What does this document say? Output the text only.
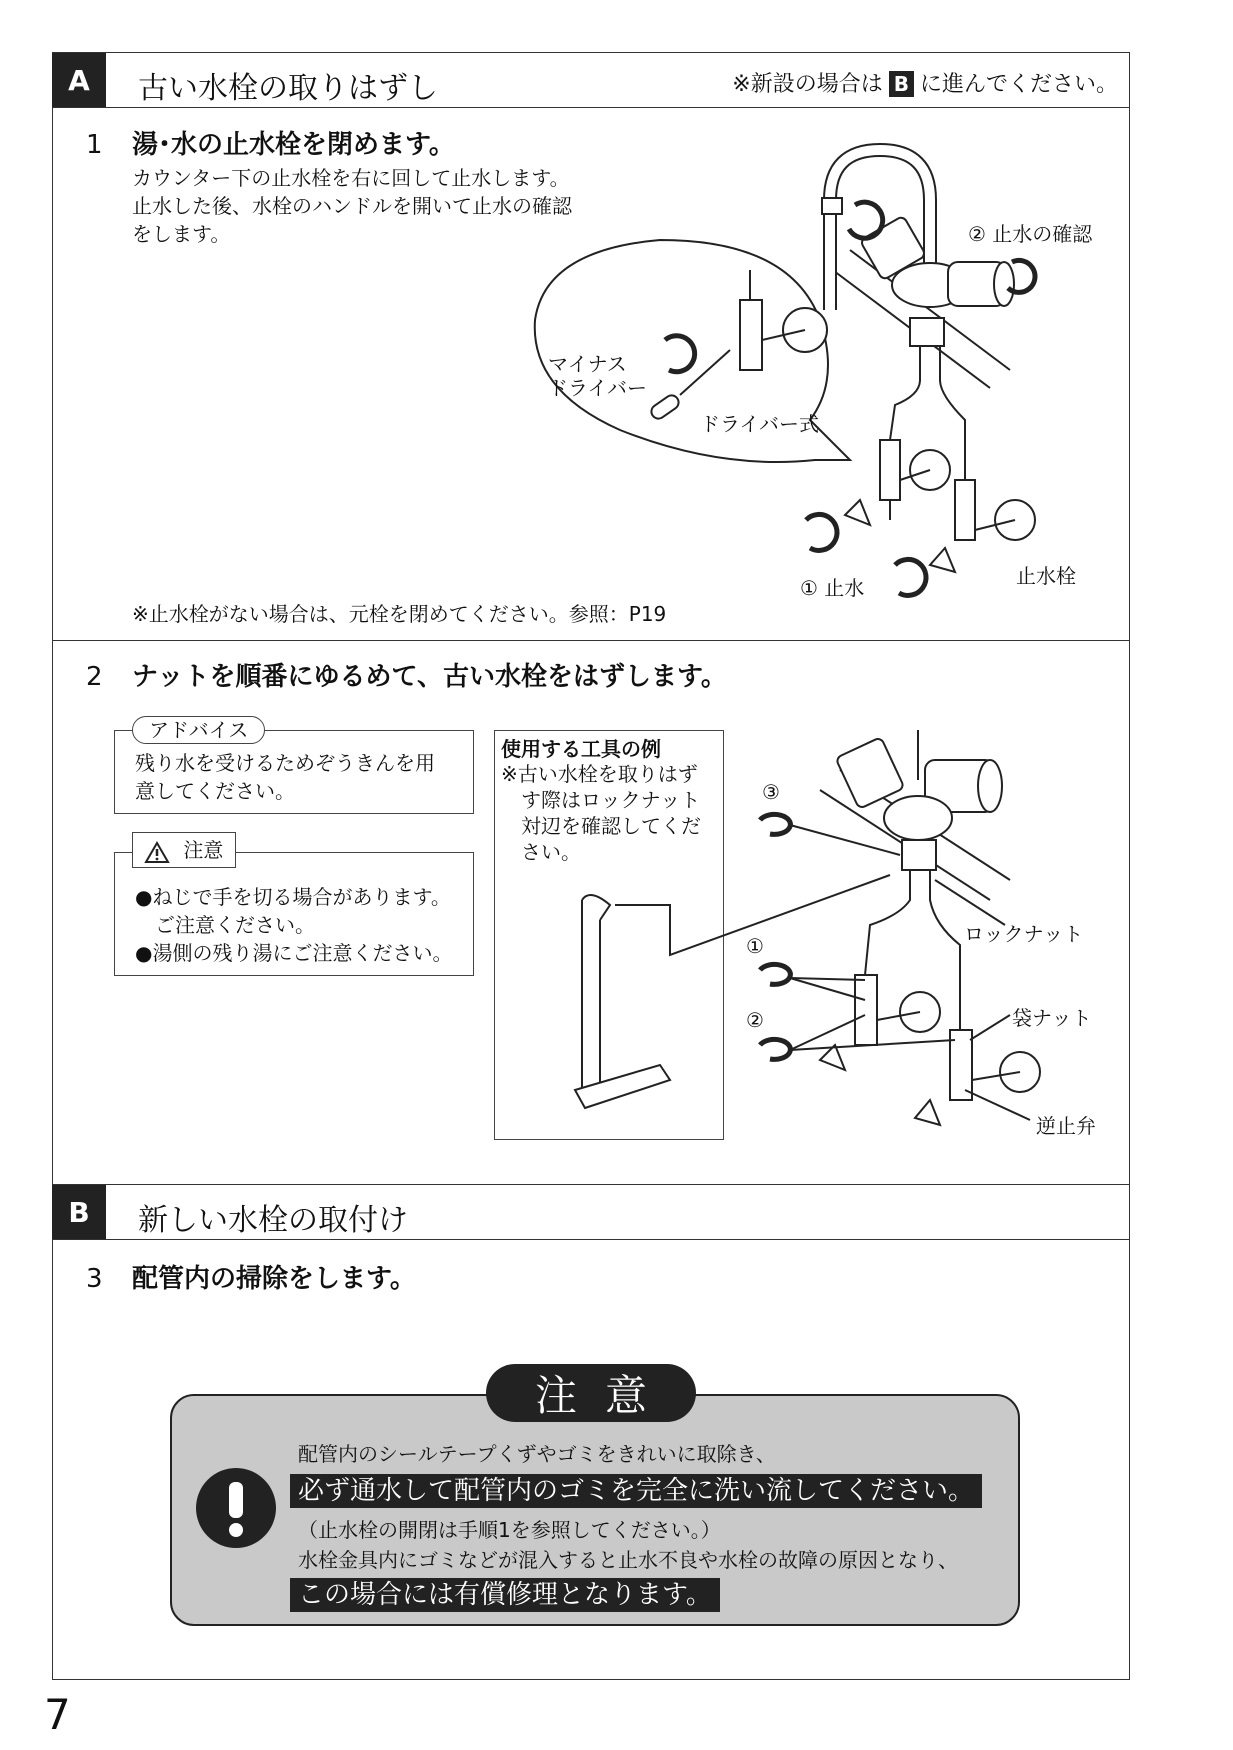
A	古い水栓の取りはずし	※新設の場合は B に進んでください。
1 湯･水の止水栓を閉めます。
カウンター下の止水栓を右に回して止水します。
止水した後、水栓のハンドルを開いて止水の確認
をします。
※止水栓がない場合は、元栓を閉めてください。参照：P19
② 止水の確認
マイナス
ドライバー
ドライバー式
① 止水	止水栓
2 ナットを順番にゆるめて、古い水栓をはずします。
残り水を受けるためぞうきんを用
意してください。
アドバイス
●ねじで手を切る場合があります。
　ご注意ください。
●湯側の残り湯にご注意ください。
注意
使用する工具の例
※古い水栓を取りはず
　す際はロックナット
　対辺を確認してくだ
　さい。
③
①
②
ロックナット
袋ナット
逆止弁
B	新しい水栓の取付け
3 配管内の掃除をします。
配管内のシールテープくずやゴミをきれいに取除き、
必ず通水して配管内のゴミを完全に洗い流してください。
（止水栓の開閉は手順1を参照してください。）
水栓金具内にゴミなどが混入すると止水不良や水栓の故障の原因となり、
この場合には有償修理となります。
注意
7
